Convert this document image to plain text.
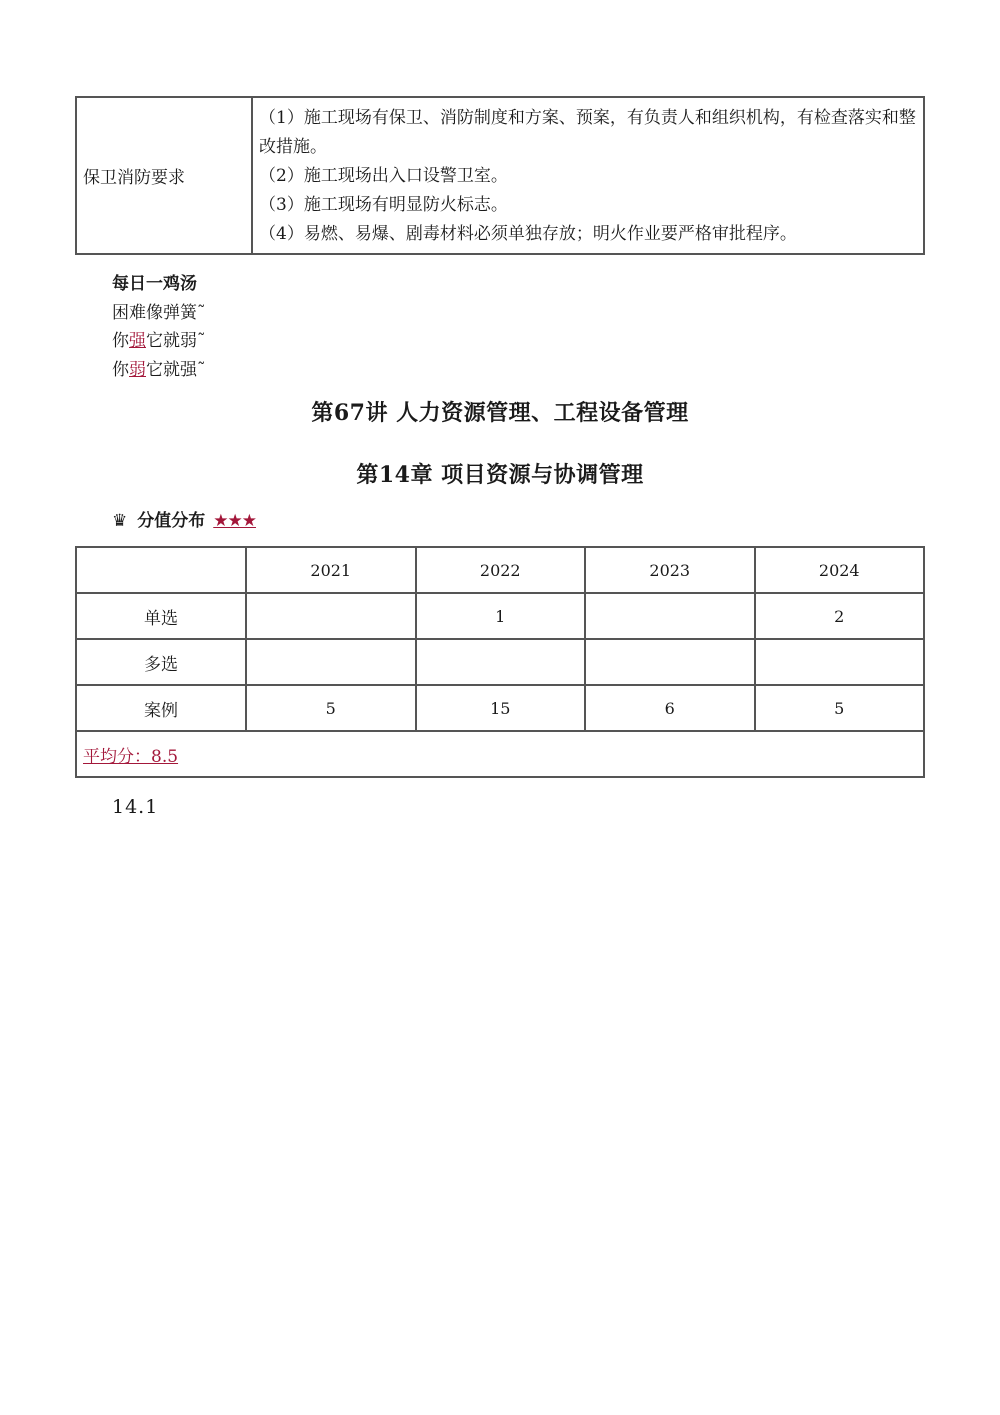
保卫消防要求	
（1）施工现场有保卫、消防制度和方案、预案，有负责人和组织机构，有检查落实和整改措施。
（2）施工现场出入口设警卫室。
（3）施工现场有明显防火标志。
（4）易燃、易爆、剧毒材料必须单独存放；明火作业要严格审批程序。
每日一鸡汤
困难像弹簧˜
你强它就弱˜
你弱它就强˜
第67讲 人力资源管理、工程设备管理
第14章 项目资源与协调管理
♛ 分值分布 ★★★
	2021	2022	2023	2024
单选		1		2
多选				
案例	5	15	6	5
平均分：8.5				
14.1
